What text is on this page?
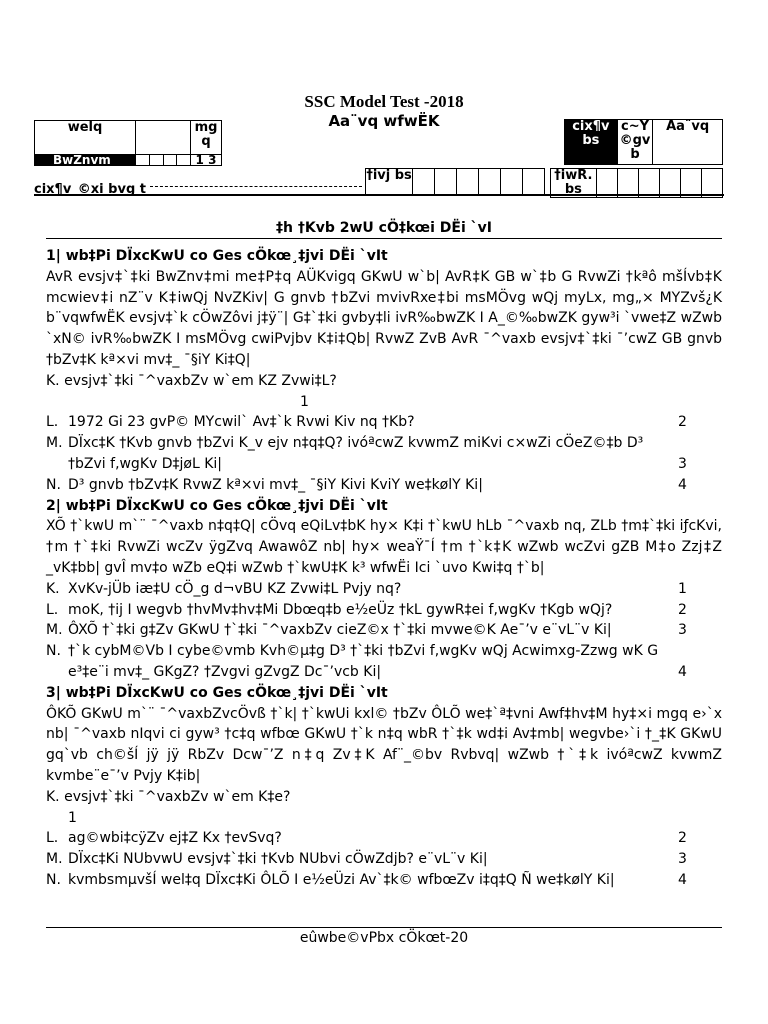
SSC Model Test -2018
Aa¨vq wfwËK
welq		mg q
BwZnvm		1 3
cix¶v bs	c~Y ©gv b	Aa¨vq
†ivj bs							†iwR. bs						
cix¶v_©xi bvg t
‡h †Kvb 2wU cÖ‡kœi DËi `vI
1| wb‡Pi DÏxcKwU co Ges cÖkœ¸‡jvi DËi `vIt
AvR evsjv‡`‡ki BwZnv‡mi me‡P‡q AÜKvigq GKwU w`b| AvR‡K GB w`‡b G RvwZi †kªô mšÍvb‡K mcwiev‡i nZ¨v K‡iwQj NvZKiv| G gnvb †bZvi mvivRxe‡bi msMÖvg wQj myLx, mg„× MYZvš¿K b¨vqwfwËK evsjv‡`k cÖwZôvi j‡ÿ¨| G‡`‡ki gvby‡li ivR‰bwZK I A_©‰bwZK gyw³i `vwe‡Z wZwb `xN© ivR‰bwZK I msMÖvg cwiPvjbv K‡i‡Qb| RvwZ ZvB AvR ¯^vaxb evsjv‡`‡ki ¯’cwZ GB gnvb †bZv‡K kª×vi mv‡_ ¯§iY Ki‡Q|
K. evsjv‡`‡ki ¯^vaxbZv w`em KZ Zvwi‡L?
1
L. 1972 Gi 23 gvP© MYcwil` Av‡`k Rvwi Kiv nq †Kb?	2
M. DÏxc‡K †Kvb gnvb †bZvi K_v ejv n‡q‡Q? ivóªcwZ kvwmZ miKvi c×wZi cÖeZ©‡b D³ †bZvi f‚wgKv D‡jøL Ki|	3
N. D³ gnvb †bZv‡K RvwZ kª×vi mv‡_ ¯§iY Kivi KviY we‡kølY Ki|	4
2| wb‡Pi DÏxcKwU co Ges cÖkœ¸‡jvi DËi `vIt
XÕ †`kwU m`¨ ¯^vaxb n‡q‡Q| cÖvq eQiLv‡bK hy× K‡i †`kwU hLb ¯^vaxb nq, ZLb †m‡`‡ki iƒcKvi, †m †`‡ki RvwZi wcZv ÿgZvq AwawôZ nb| hy× weaŸ¯Í †m †`k‡K wZwb wcZvi gZB M‡o Zzj‡Z _vK‡bb| gvÎ mv‡o wZb eQ‡i wZwb †`kwU‡K k³ wfwËi Ici `uvo Kwi‡q †`b|
K. XvKv-jÜb iæ‡U cÖ_g d¬vBU KZ Zvwi‡L Pvjy nq?	1
L. moK, †ij I wegvb †hvMv‡hv‡Mi Dbœq‡b e½eÜz †kL gywR‡ei f‚wgKv †Kgb wQj?	2
M. ÔXÕ †`‡ki g‡Zv GKwU †`‡ki ¯^vaxbZv cieZ©x †`‡ki mvwe©K Ae¯’v e¨vL¨v Ki|	3
N. †`k cybM©Vb I cybe©vmb Kvh©µ‡g D³ †`‡ki †bZvi f‚wgKv wQj Acwimxg-Zzwg wK G e³‡e¨i mv‡_ GKgZ? †Zvgvi gZvgZ Dc¯’vcb Ki|	4
3| wb‡Pi DÏxcKwU co Ges cÖkœ¸‡jvi DËi `vIt
ÔKÕ GKwU m`¨ ¯^vaxbZvcÖvß †`k| †`kwUi kxl© †bZv ÔLÕ we‡`ª‡vni Awf‡hv‡M hy‡×i mgq e›`x nb| ¯^vaxb nIqvi ci gyw³ †c‡q wfbœ GKwU †`k n‡q wbR †`‡k wd‡i Av‡mb| wegvbe›`i †_‡K GKwU gq`vb ch©šÍ jÿ jÿ RbZv Dcw¯’Z n‡q Zv‡K Af¨_©bv Rvbvq| wZwb †`‡k ivóªcwZ kvwmZ kvmbe¨e¯’v Pvjy K‡ib|
K. evsjv‡`‡ki ¯^vaxbZv w`em K‡e?
1
L. ag©wbi‡cÿZv ej‡Z Kx †evSvq?	2
M. DÏxc‡Ki NUbvwU evsjv‡`‡ki †Kvb NUbvi cÖwZdjb? e¨vL¨v Ki|	3
N. kvmbsmµvšÍ wel‡q DÏxc‡Ki ÔLÕ I e½eÜzi Av`‡k© wfbœZv i‡q‡Q Ñ we‡kølY Ki|	4
eûwbe©vPbx cÖkœt-20
